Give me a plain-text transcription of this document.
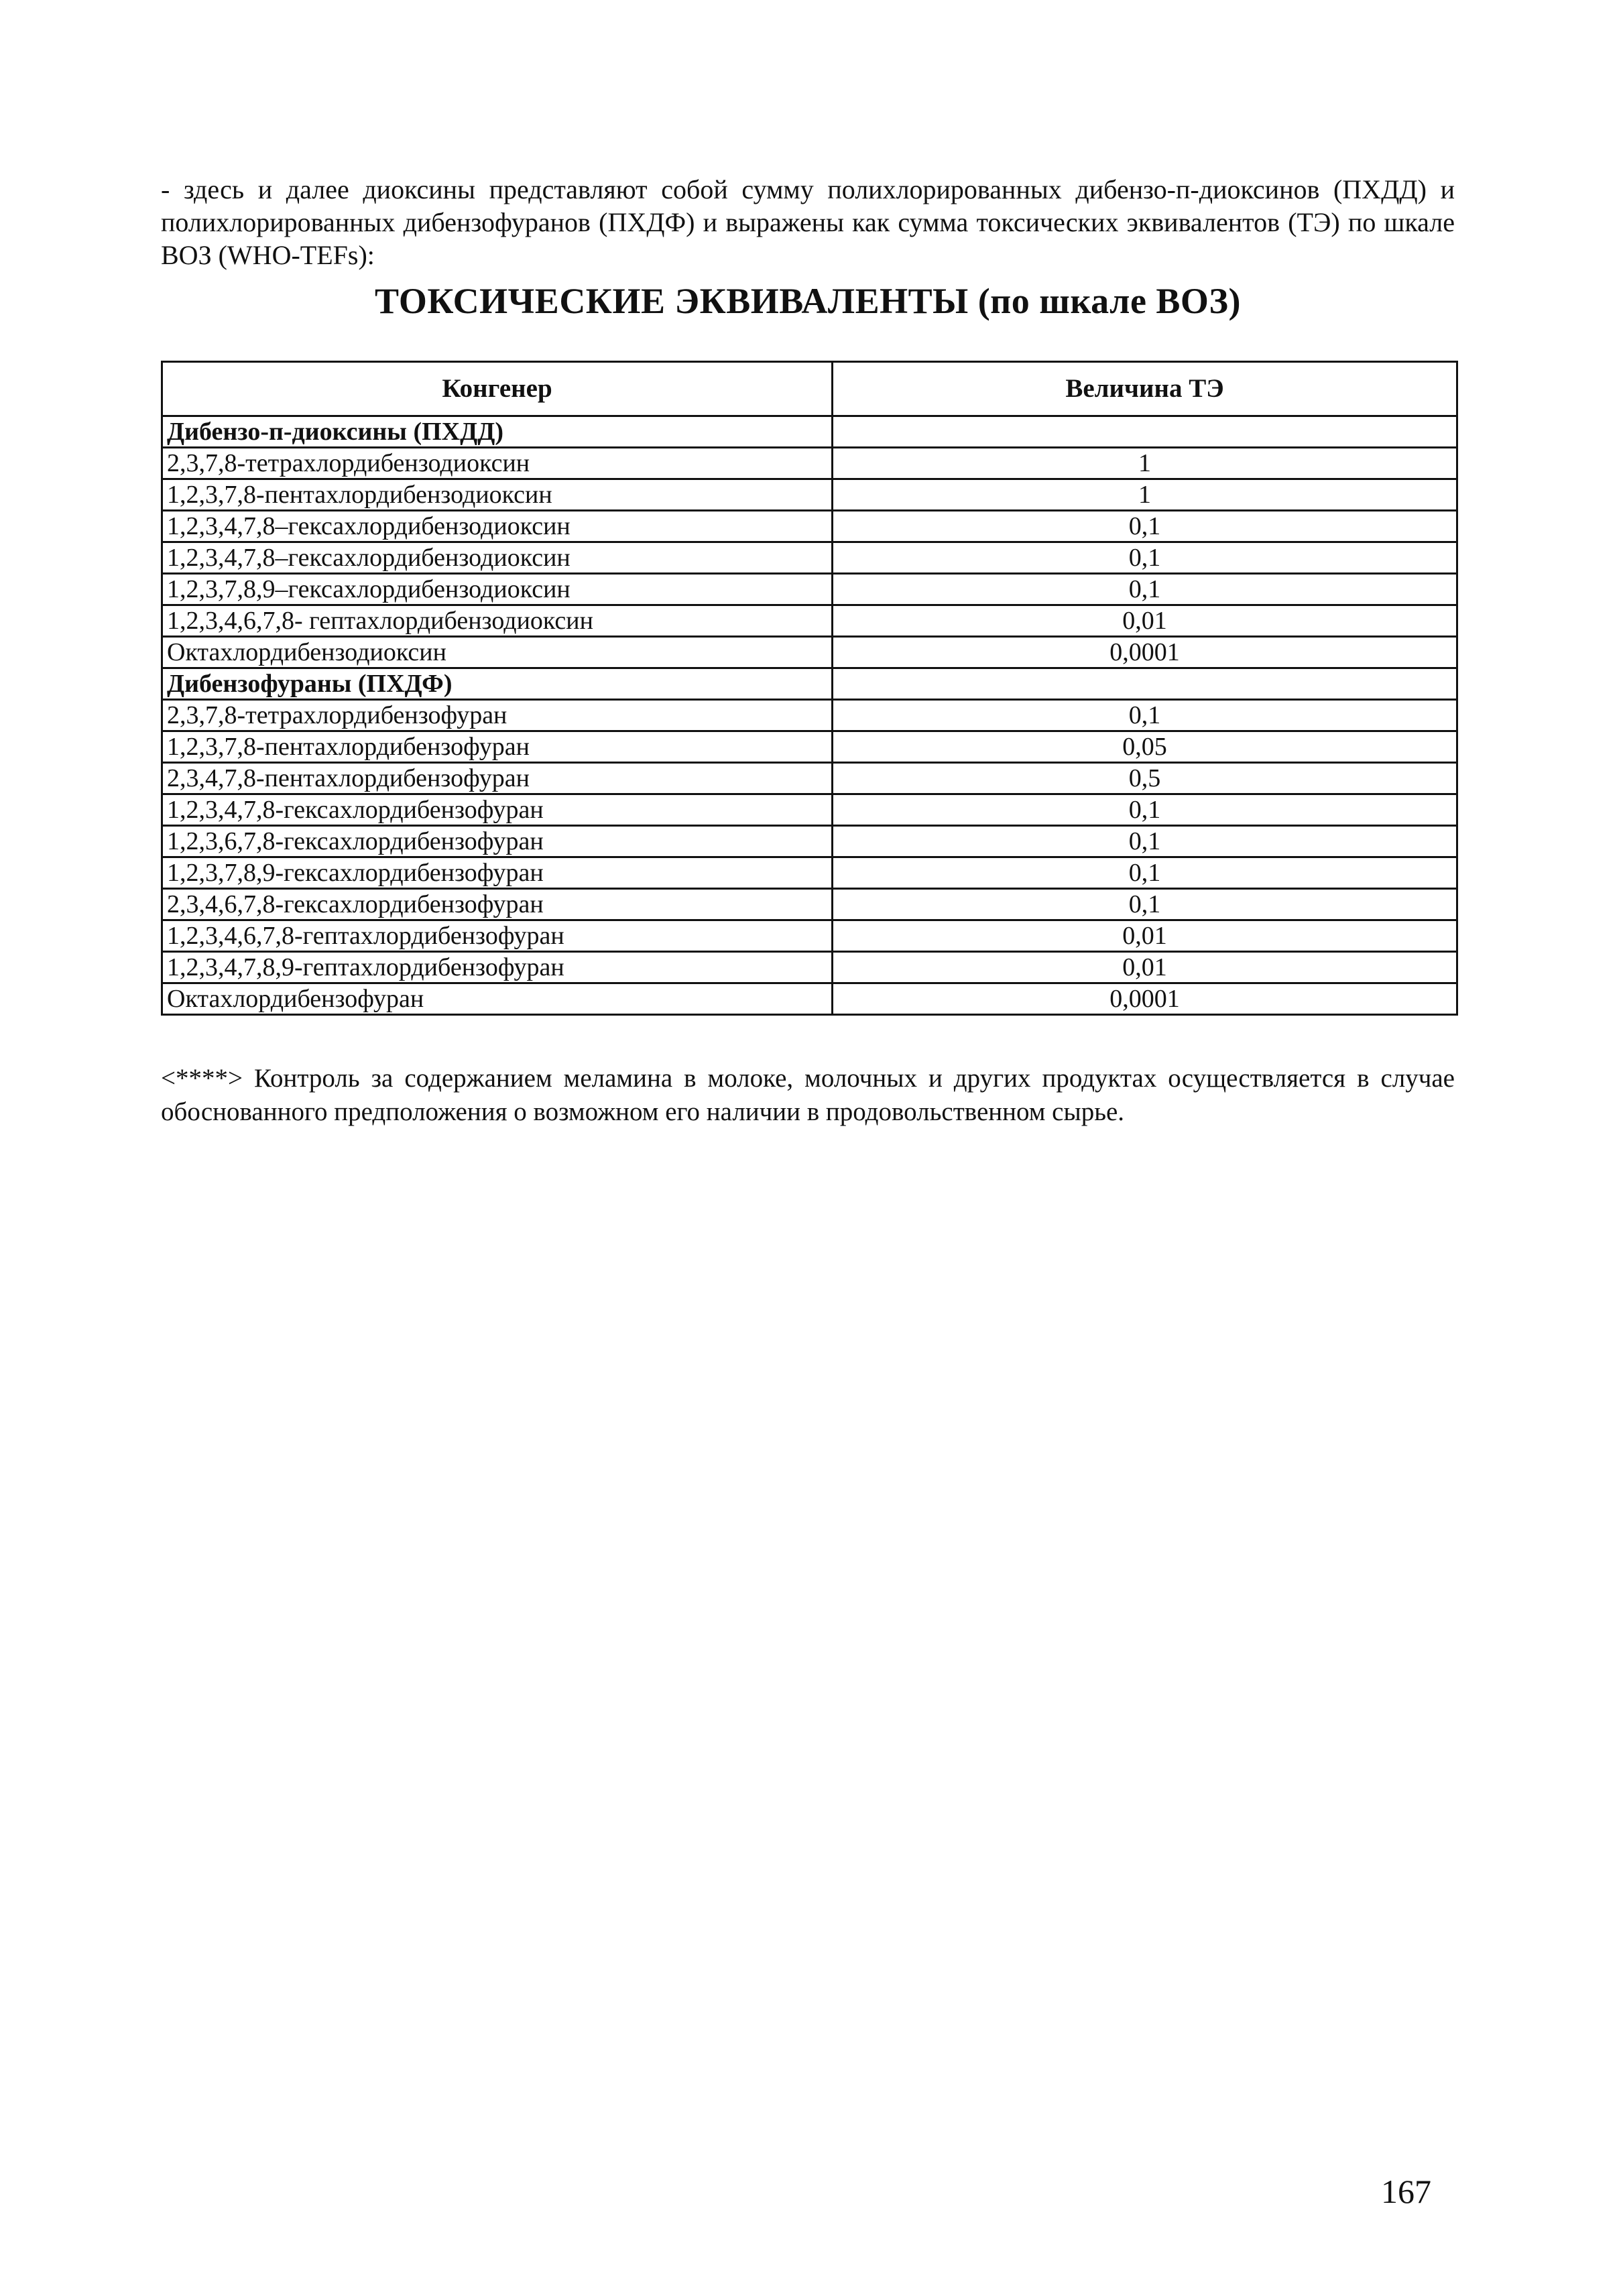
- здесь и далее диоксины представляют собой сумму полихлорированных дибензо-п-диоксинов (ПХДД) и полихлорированных дибензофуранов (ПХДФ) и выражены как сумма токсических эквивалентов (ТЭ) по шкале ВОЗ (WHO-TEFs):

ТОКСИЧЕСКИЕ ЭКВИВАЛЕНТЫ (по шкале ВОЗ)
Конгенер	Величина ТЭ
Дибензо-п-диоксины (ПХДД)	
2,3,7,8-тетрахлордибензодиоксин	1
1,2,3,7,8-пентахлордибензодиоксин	1
1,2,3,4,7,8–гексахлордибензодиоксин	0,1
1,2,3,4,7,8–гексахлордибензодиоксин	0,1
1,2,3,7,8,9–гексахлордибензодиоксин	0,1
1,2,3,4,6,7,8- гептахлордибензодиоксин	0,01
Октахлордибензодиоксин	0,0001
Дибензофураны (ПХДФ)	
2,3,7,8-тетрахлордибензофуран	0,1
1,2,3,7,8-пентахлордибензофуран	0,05
2,3,4,7,8-пентахлордибензофуран	0,5
1,2,3,4,7,8-гексахлордибензофуран	0,1
1,2,3,6,7,8-гексахлордибензофуран	0,1
1,2,3,7,8,9-гексахлордибензофуран	0,1
2,3,4,6,7,8-гексахлордибензофуран	0,1
1,2,3,4,6,7,8-гептахлордибензофуран	0,01
1,2,3,4,7,8,9-гептахлордибензофуран	0,01
Октахлордибензофуран	0,0001

<****> Контроль за содержанием меламина в молоке, молочных и других продуктах осуществляется в случае обоснованного предположения о возможном его наличии в продовольственном сырье.

167
